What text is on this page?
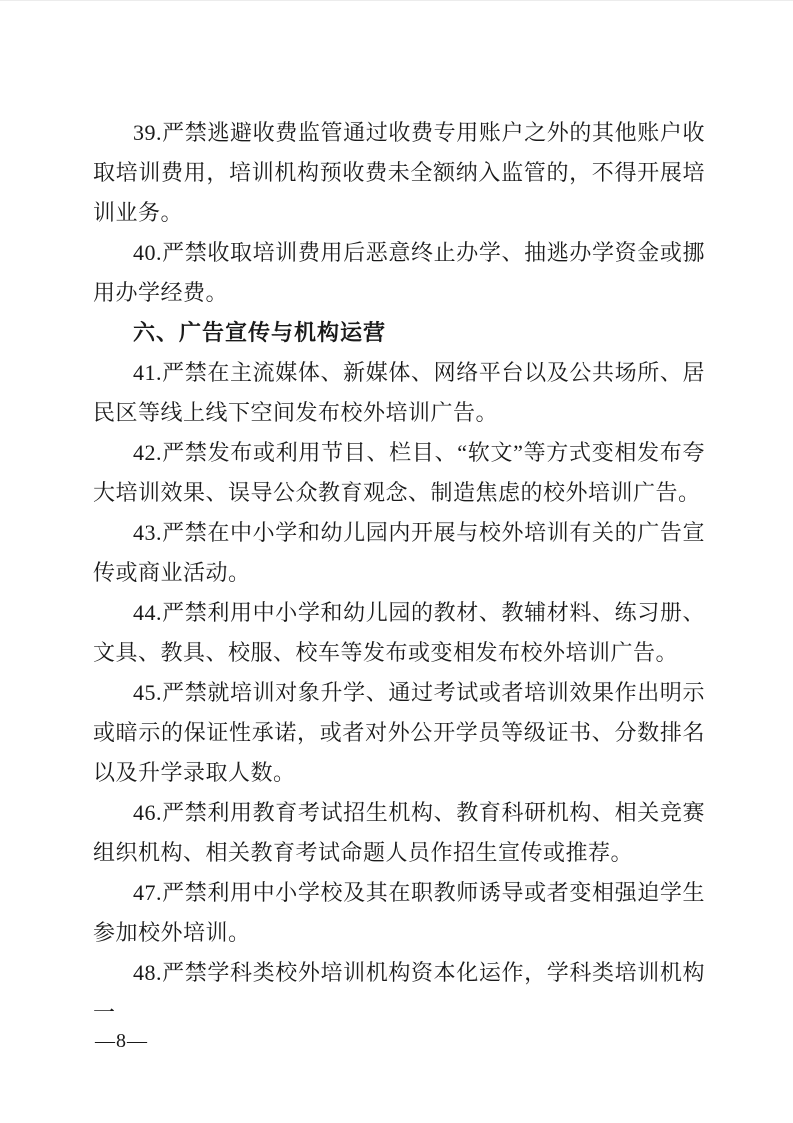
39.严禁逃避收费监管通过收费专用账户之外的其他账户收取培训费用，培训机构预收费未全额纳入监管的，不得开展培训业务。

40.严禁收取培训费用后恶意终止办学、抽逃办学资金或挪用办学经费。

六、广告宣传与机构运营

41.严禁在主流媒体、新媒体、网络平台以及公共场所、居民区等线上线下空间发布校外培训广告。

42.严禁发布或利用节目、栏目、“软文”等方式变相发布夸大培训效果、误导公众教育观念、制造焦虑的校外培训广告。

43.严禁在中小学和幼儿园内开展与校外培训有关的广告宣传或商业活动。

44.严禁利用中小学和幼儿园的教材、教辅材料、练习册、文具、教具、校服、校车等发布或变相发布校外培训广告。

45.严禁就培训对象升学、通过考试或者培训效果作出明示或暗示的保证性承诺，或者对外公开学员等级证书、分数排名以及升学录取人数。

46.严禁利用教育考试招生机构、教育科研机构、相关竞赛组织机构、相关教育考试命题人员作招生宣传或推荐。

47.严禁利用中小学校及其在职教师诱导或者变相强迫学生参加校外培训。

48.严禁学科类校外培训机构资本化运作，学科类培训机构一

—8—
